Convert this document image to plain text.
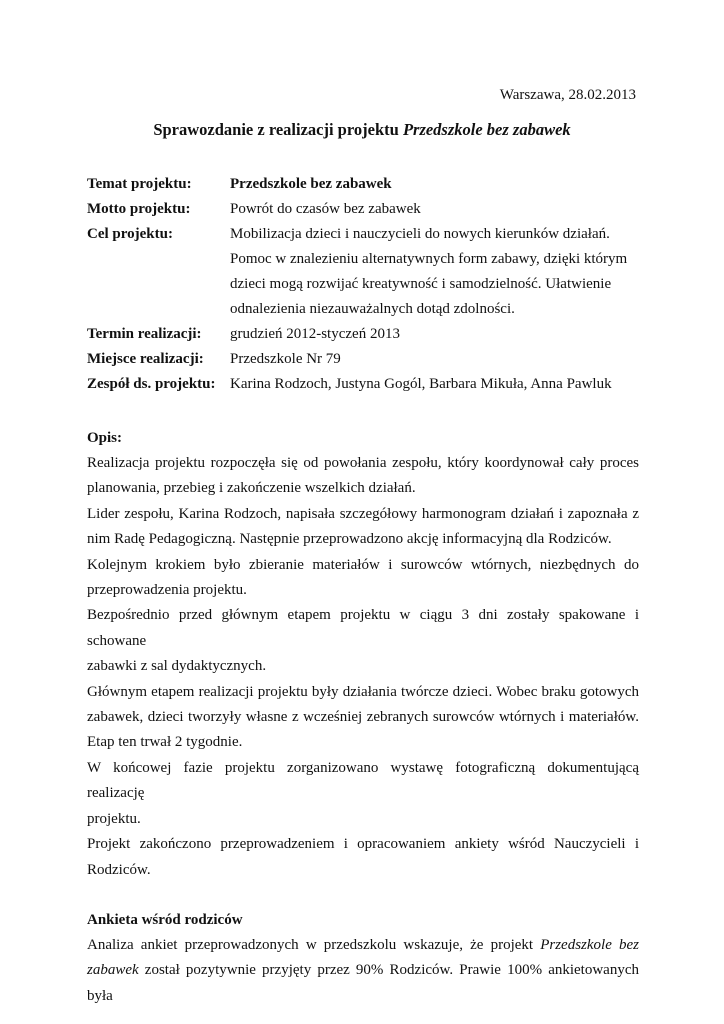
Warszawa, 28.02.2013
Sprawozdanie z realizacji projektu Przedszkole bez zabawek
Temat projektu:	Przedszkole bez zabawek
Motto projektu:	Powrót do czasów bez zabawek
Cel projektu:	Mobilizacja dzieci i nauczycieli do nowych kierunków działań.
Pomoc w znalezieniu alternatywnych form zabawy, dzięki którym
dzieci mogą rozwijać kreatywność i samodzielność. Ułatwienie
odnalezienia niezauważalnych dotąd zdolności.
Termin realizacji:	grudzień 2012-styczeń 2013
Miejsce realizacji:	Przedszkole Nr 79
Zespół ds. projektu: Karina Rodzoch, Justyna Gogól, Barbara Mikuła, Anna Pawluk
Opis:
Realizacja projektu rozpoczęła się od powołania zespołu, który koordynował cały proces
planowania, przebieg i zakończenie wszelkich działań.
Lider zespołu, Karina Rodzoch, napisała szczegółowy harmonogram działań i zapoznała z
nim Radę Pedagogiczną. Następnie przeprowadzono akcję informacyjną dla Rodziców.
Kolejnym krokiem było zbieranie materiałów i surowców wtórnych, niezbędnych do
przeprowadzenia projektu.
Bezpośrednio przed głównym etapem projektu w ciągu 3 dni zostały spakowane i schowane
zabawki z sal dydaktycznych.
Głównym etapem realizacji projektu były działania twórcze dzieci. Wobec braku gotowych
zabawek, dzieci tworzyły własne z wcześniej zebranych surowców wtórnych i materiałów.
Etap ten trwał 2 tygodnie.
W końcowej fazie projektu zorganizowano wystawę fotograficzną dokumentującą realizację
projektu.
Projekt zakończono przeprowadzeniem i opracowaniem ankiety wśród Nauczycieli i
Rodziców.
Ankieta wśród rodziców
Analiza ankiet przeprowadzonych w przedszkolu wskazuje, że projekt Przedszkole bez
zabawek został pozytywnie przyjęty przez 90% Rodziców. Prawie 100% ankietowanych była
